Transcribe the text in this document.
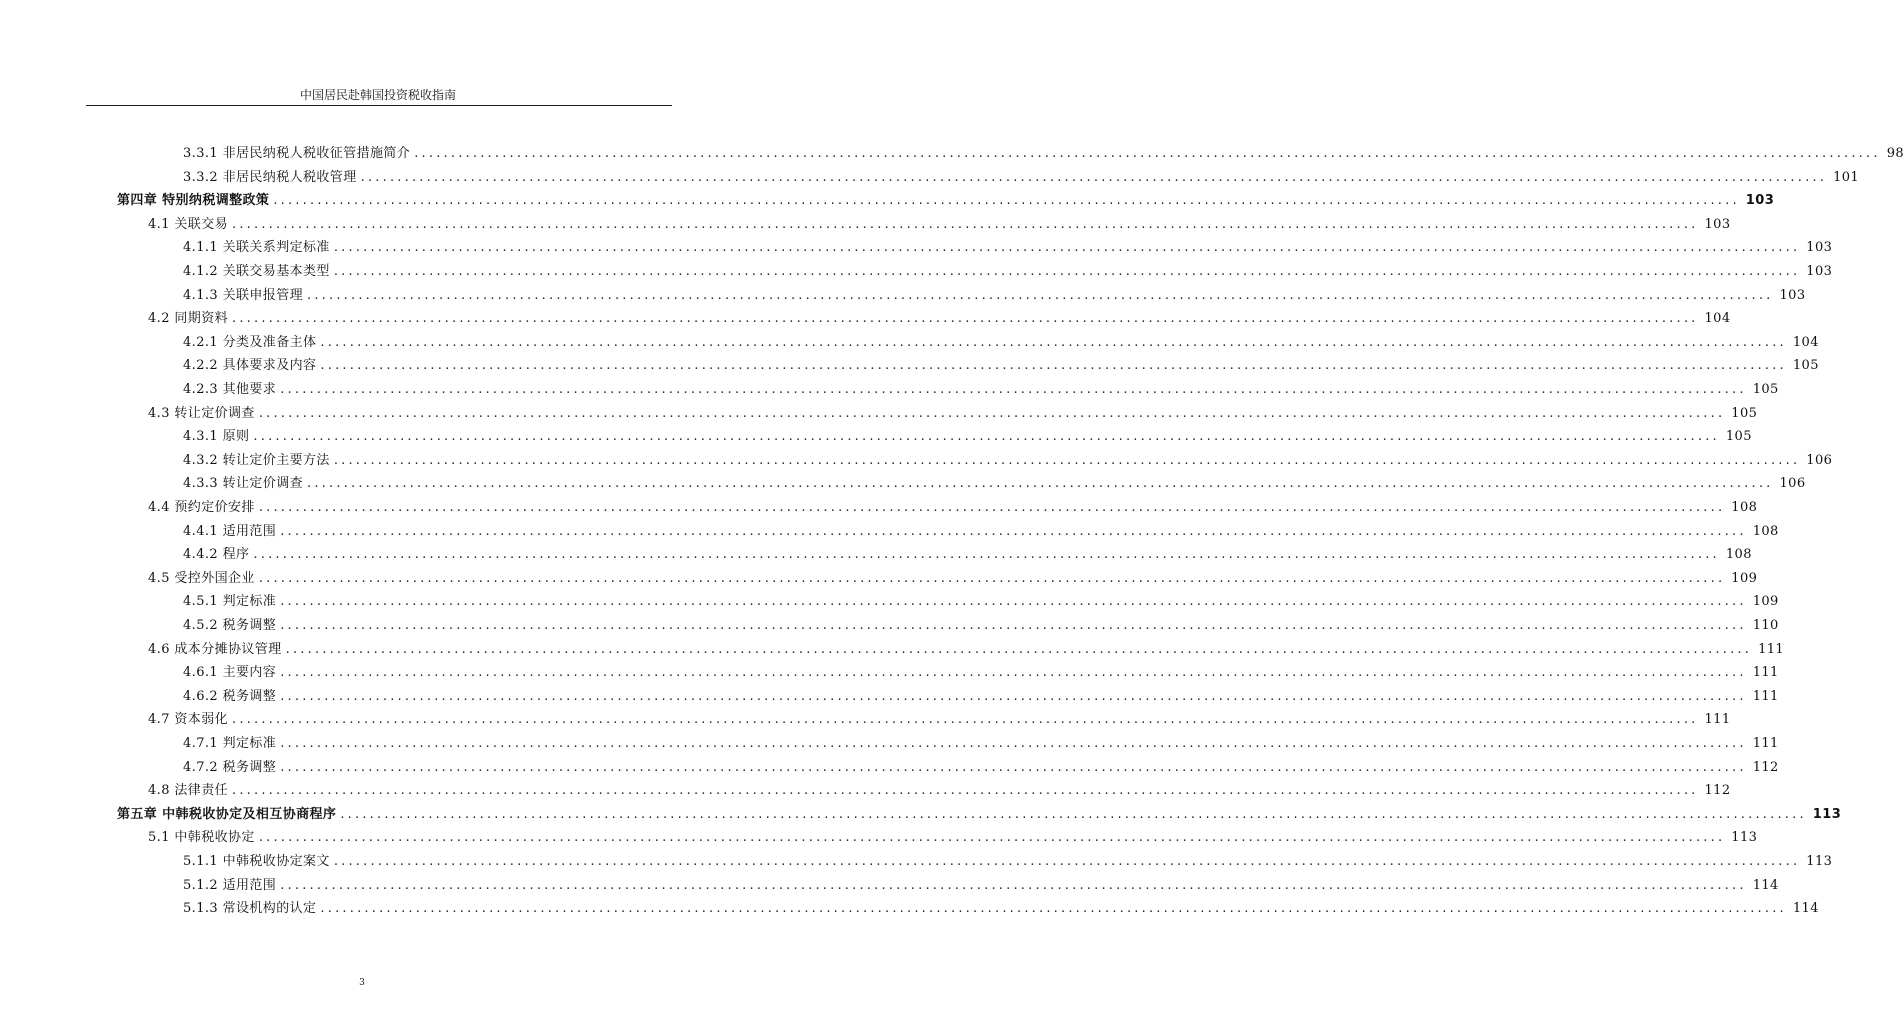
中国居民赴韩国投资税收指南
3.3.1 非居民纳税人税收征管措施简介 ........................................................................................................................................................................................................ 98
3.3.2 非居民纳税人税收管理 ........................................................................................................................................................................................................ 101
第四章 特别纳税调整政策 ........................................................................................................................................................................................................ 103
4.1 关联交易 ........................................................................................................................................................................................................ 103
4.1.1 关联关系判定标准 ........................................................................................................................................................................................................ 103
4.1.2 关联交易基本类型 ........................................................................................................................................................................................................ 103
4.1.3 关联申报管理 ........................................................................................................................................................................................................ 103
4.2 同期资料 ........................................................................................................................................................................................................ 104
4.2.1 分类及准备主体 ........................................................................................................................................................................................................ 104
4.2.2 具体要求及内容 ........................................................................................................................................................................................................ 105
4.2.3 其他要求 ........................................................................................................................................................................................................ 105
4.3 转让定价调查 ........................................................................................................................................................................................................ 105
4.3.1 原则 ........................................................................................................................................................................................................ 105
4.3.2 转让定价主要方法 ........................................................................................................................................................................................................ 106
4.3.3 转让定价调查 ........................................................................................................................................................................................................ 106
4.4 预约定价安排 ........................................................................................................................................................................................................ 108
4.4.1 适用范围 ........................................................................................................................................................................................................ 108
4.4.2 程序 ........................................................................................................................................................................................................ 108
4.5 受控外国企业 ........................................................................................................................................................................................................ 109
4.5.1 判定标准 ........................................................................................................................................................................................................ 109
4.5.2 税务调整 ........................................................................................................................................................................................................ 110
4.6 成本分摊协议管理 ........................................................................................................................................................................................................ 111
4.6.1 主要内容 ........................................................................................................................................................................................................ 111
4.6.2 税务调整 ........................................................................................................................................................................................................ 111
4.7 资本弱化 ........................................................................................................................................................................................................ 111
4.7.1 判定标准 ........................................................................................................................................................................................................ 111
4.7.2 税务调整 ........................................................................................................................................................................................................ 112
4.8 法律责任 ........................................................................................................................................................................................................ 112
第五章 中韩税收协定及相互协商程序 ........................................................................................................................................................................................................ 113
5.1 中韩税收协定 ........................................................................................................................................................................................................ 113
5.1.1 中韩税收协定案文 ........................................................................................................................................................................................................ 113
5.1.2 适用范围 ........................................................................................................................................................................................................ 114
5.1.3 常设机构的认定 ........................................................................................................................................................................................................ 114
3
